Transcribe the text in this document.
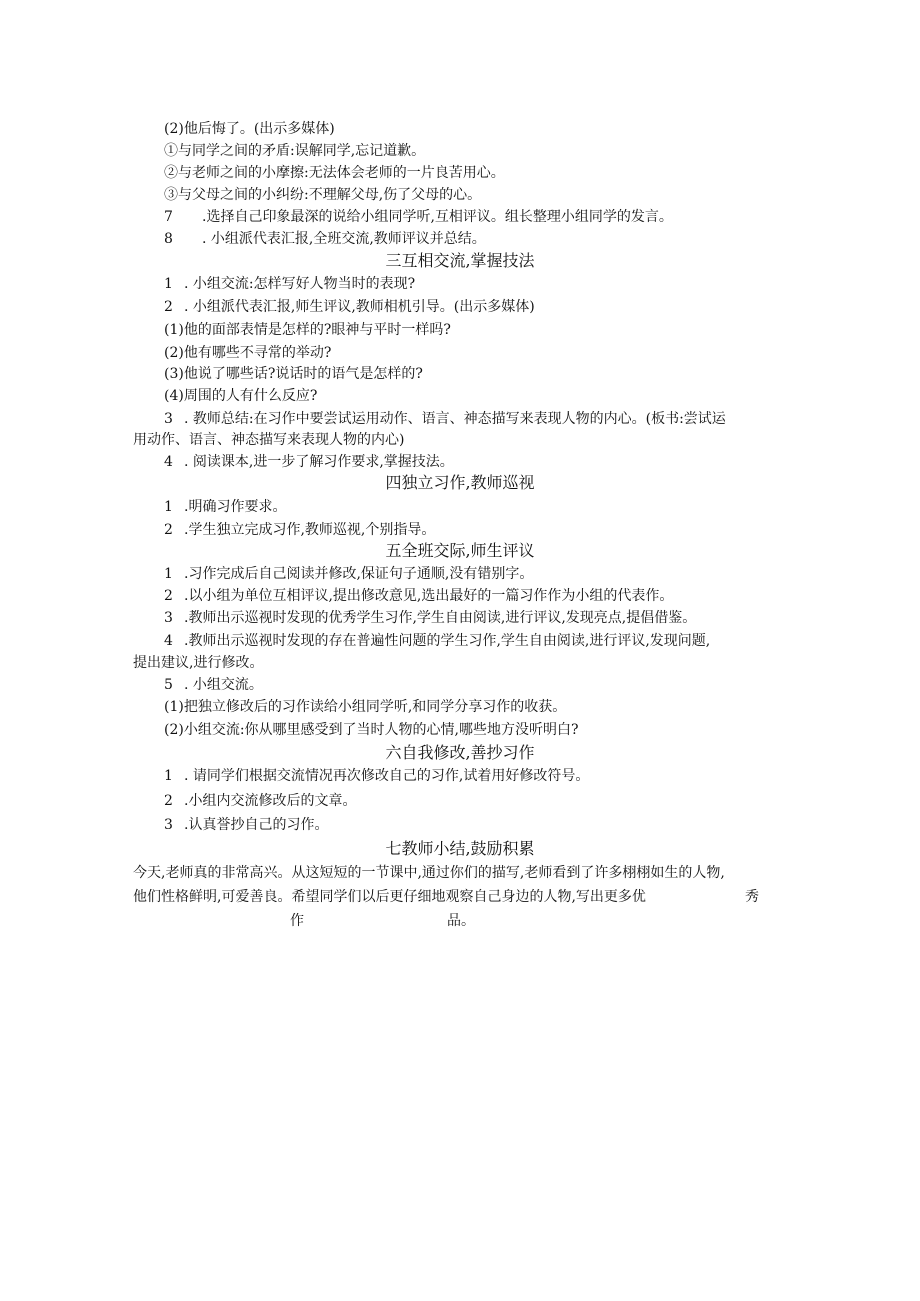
(2)他后悔了。(出示多媒体)
①与同学之间的矛盾:误解同学,忘记道歉。
②与老师之间的小摩擦:无法体会老师的一片良苦用心。
③与父母之间的小纠纷:不理解父母,伤了父母的心。
7 .选择自己印象最深的说给小组同学听,互相评议。组长整理小组同学的发言。
8 . 小组派代表汇报,全班交流,教师评议并总结。
三互相交流,掌握技法
1 . 小组交流:怎样写好人物当时的表现?
2 . 小组派代表汇报,师生评议,教师相机引导。(出示多媒体)
(1)他的面部表情是怎样的?眼神与平时一样吗?
(2)他有哪些不寻常的举动?
(3)他说了哪些话?说话时的语气是怎样的?
(4)周围的人有什么反应?
3 . 教师总结:在习作中要尝试运用动作、语言、神态描写来表现人物的内心。(板书:尝试运
用动作、语言、神态描写来表现人物的内心)
4 . 阅读课本,进一步了解习作要求,掌握技法。
四独立习作,教师巡视
1 .明确习作要求。
2 .学生独立完成习作,教师巡视,个别指导。
五全班交际,师生评议
1 .习作完成后自己阅读并修改,保证句子通顺,没有错别字。
2 .以小组为单位互相评议,提出修改意见,选出最好的一篇习作作为小组的代表作。
3 .教师出示巡视时发现的优秀学生习作,学生自由阅读,进行评议,发现亮点,提倡借鉴。
4 .教师出示巡视时发现的存在普遍性问题的学生习作,学生自由阅读,进行评议,发现问题,
提出建议,进行修改。
5 . 小组交流。
(1)把独立修改后的习作读给小组同学听,和同学分享习作的收获。
(2)小组交流:你从哪里感受到了当时人物的心情,哪些地方没听明白?
六自我修改,善抄习作
1 . 请同学们根据交流情况再次修改自己的习作,试着用好修改符号。
2 .小组内交流修改后的文章。
3 .认真誉抄自己的习作。
七教师小结,鼓励积累
今天,老师真的非常高兴。从这短短的一节课中,通过你们的描写,老师看到了许多栩栩如生的人物,
他们性格鲜明,可爱善良。希望同学们以后更仔细地观察自己身边的人物,写出更多优	秀
作	品。
